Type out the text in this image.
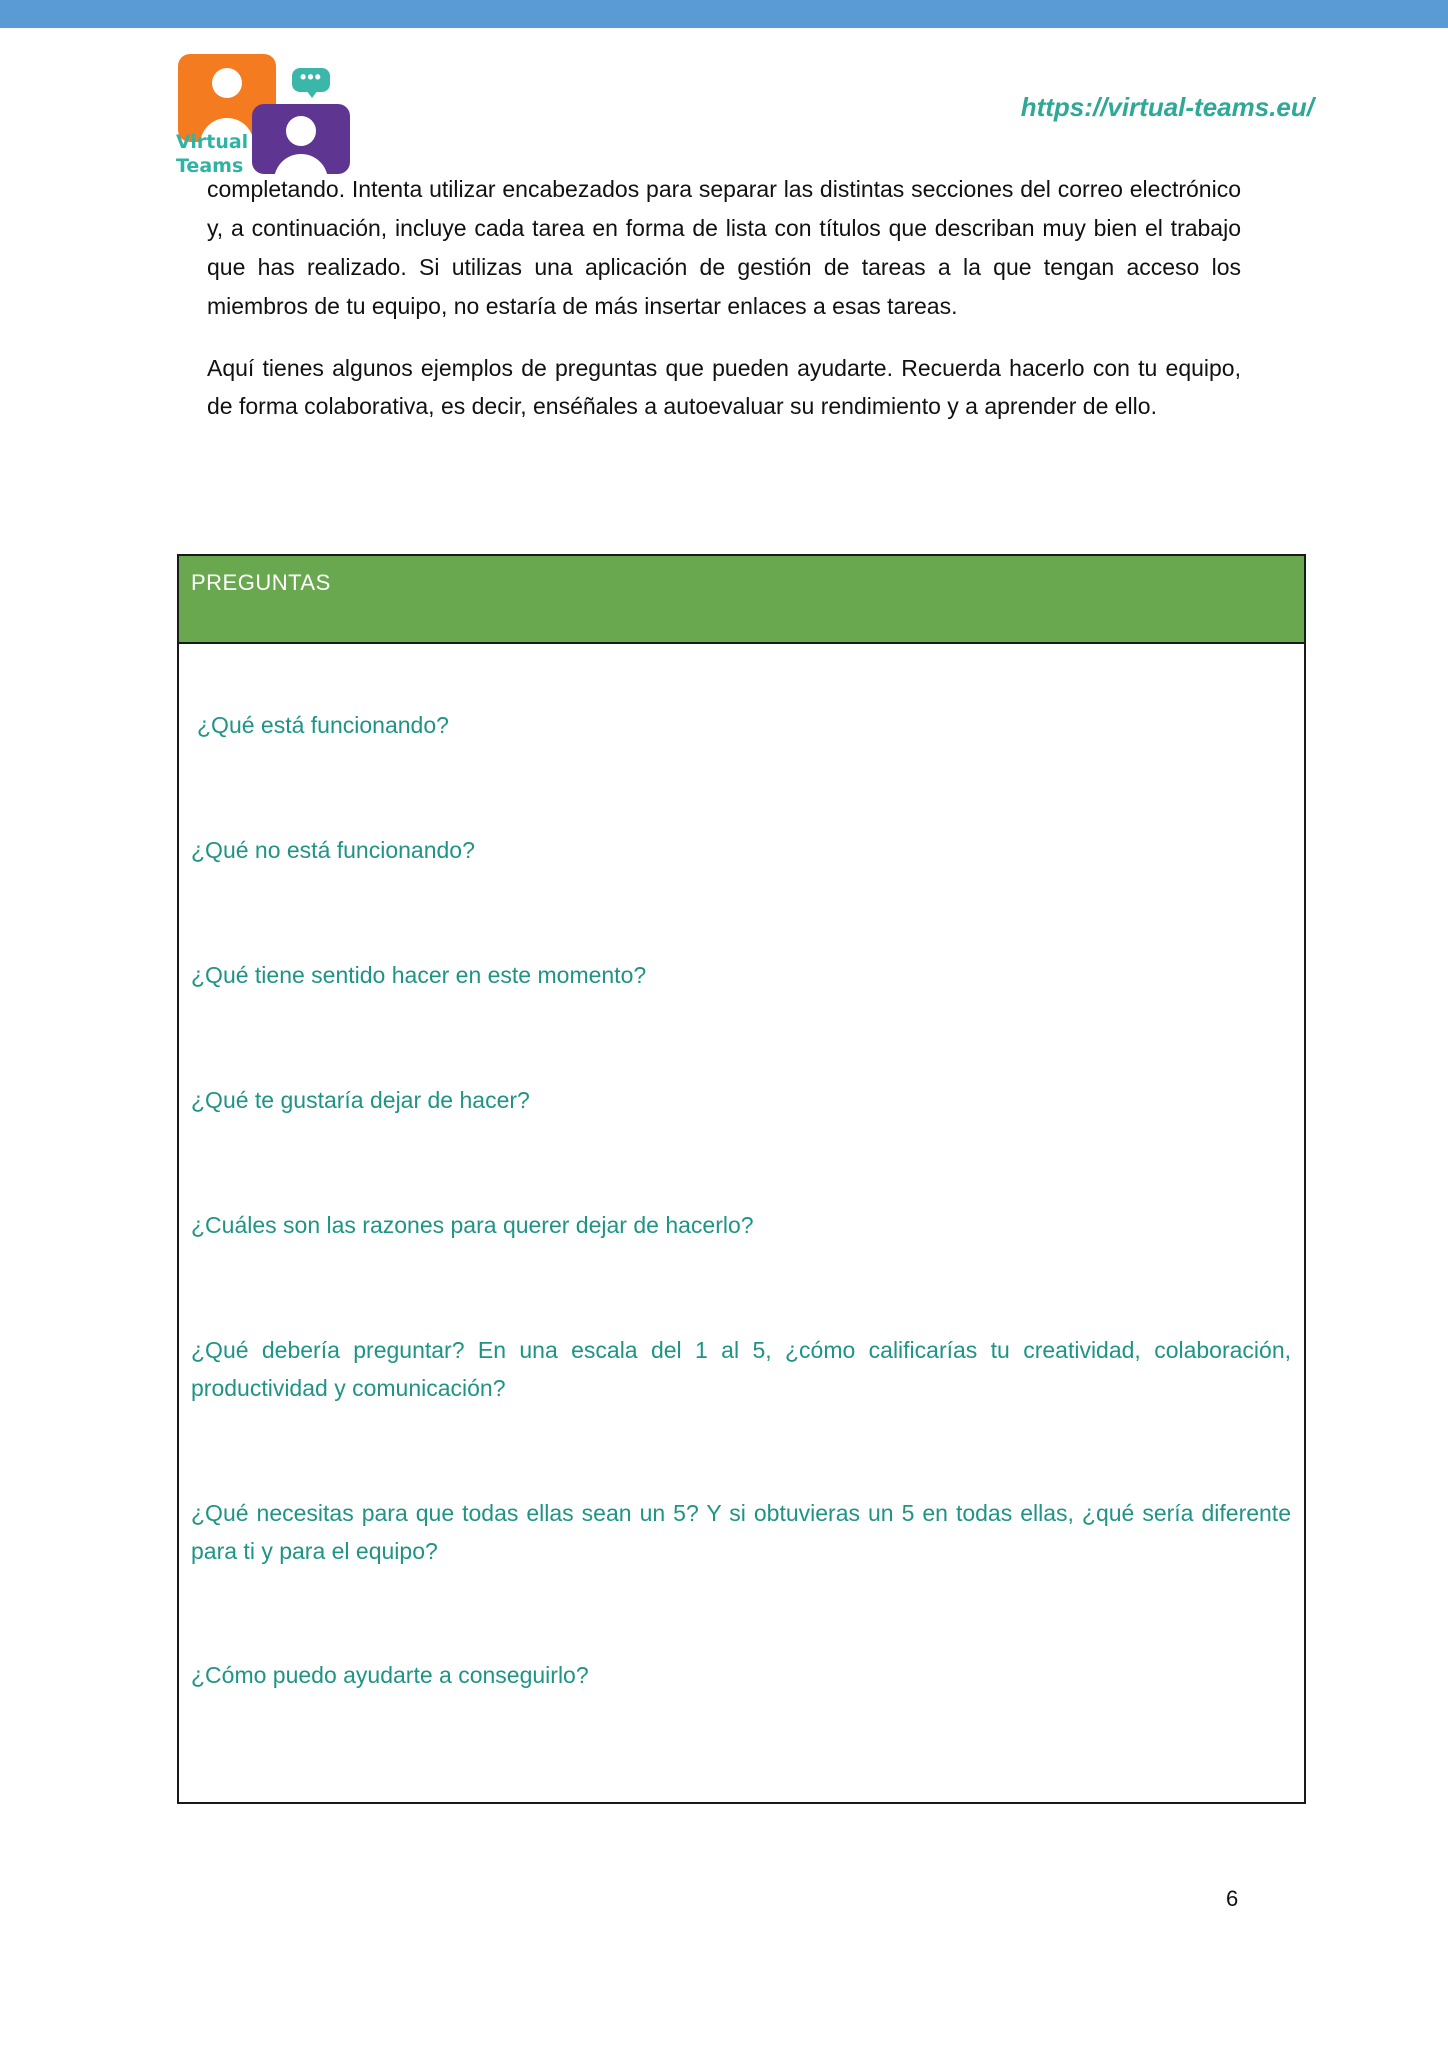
•••
Virtual
Teams
https://virtual-teams.eu/

completando. Intenta utilizar encabezados para separar las distintas secciones del correo electrónico y, a continuación, incluye cada tarea en forma de lista con títulos que describan muy bien el trabajo que has realizado. Si utilizas una aplicación de gestión de tareas a la que tengan acceso los miembros de tu equipo, no estaría de más insertar enlaces a esas tareas.

Aquí tienes algunos ejemplos de preguntas que pueden ayudarte. Recuerda hacerlo con tu equipo, de forma colaborativa, es decir, enséñales a autoevaluar su rendimiento y a aprender de ello.

PREGUNTAS
¿Qué está funcionando?
¿Qué no está funcionando?
¿Qué tiene sentido hacer en este momento?
¿Qué te gustaría dejar de hacer?
¿Cuáles son las razones para querer dejar de hacerlo?
¿Qué debería preguntar? En una escala del 1 al 5, ¿cómo calificarías tu creatividad, colaboración, productividad y comunicación?
¿Qué necesitas para que todas ellas sean un 5? Y si obtuvieras un 5 en todas ellas, ¿qué sería diferente para ti y para el equipo?
¿Cómo puedo ayudarte a conseguirlo?
6
